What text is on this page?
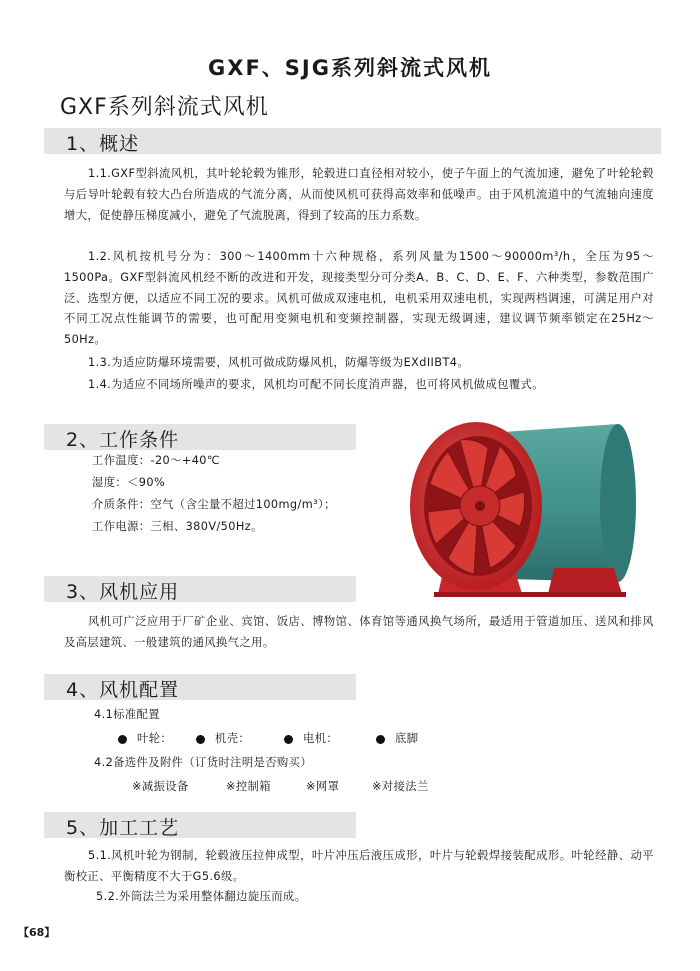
GXF、SJG系列斜流式风机
GXF系列斜流式风机
1、概述
1.1.GXF型斜流风机，其叶轮轮毂为锥形，轮毂进口直径相对较小，使子午面上的气流加速，避免了叶轮轮毂与后导叶轮毂有较大凸台所造成的气流分离，从而使风机可获得高效率和低噪声。由于风机流道中的气流轴向速度增大，促使静压梯度减小，避免了气流脱离，得到了较高的压力系数。
1.2.风机按机号分为：300～1400mm十六种规格，系列风量为1500～90000m³/h，全压为95～1500Pa。GXF型斜流风机经不断的改进和开发，现接类型分可分类A、B、C、D、E、F、六种类型，参数范围广泛、选型方便，以适应不同工况的要求。风机可做成双速电机，电机采用双速电机，实现两档调速，可满足用户对不同工况点性能调节的需要，也可配用变频电机和变频控制器，实现无级调速，建议调节频率锁定在25Hz～50Hz。
1.3.为适应防爆环境需要，风机可做成防爆风机，防爆等级为EXdIIBT4。
1.4.为适应不同场所噪声的要求，风机均可配不同长度消声器，也可将风机做成包覆式。
2、工作条件
工作温度：-20～+40℃
湿度：＜90%
介质条件：空气（含尘量不超过100mg/m³）；
工作电源：三相、380V/50Hz。
3、风机应用
风机可广泛应用于厂矿企业、宾馆、饭店、博物馆、体育馆等通风换气场所，最适用于管道加压、送风和排风及高层建筑、一般建筑的通风换气之用。
4、风机配置
4.1标准配置
叶轮：	机壳：	电机：	底脚
4.2备选件及附件（订货时注明是否购买）
※减振设备	※控制箱	※网罩	※对接法兰
5、加工工艺
5.1.风机叶轮为钢制，轮毂液压拉伸成型，叶片冲压后液压成形，叶片与轮毂焊接装配成形。叶轮经静、动平衡校正、平衡精度不大于G5.6级。
5.2.外筒法兰为采用整体翻边旋压而成。
【68】
